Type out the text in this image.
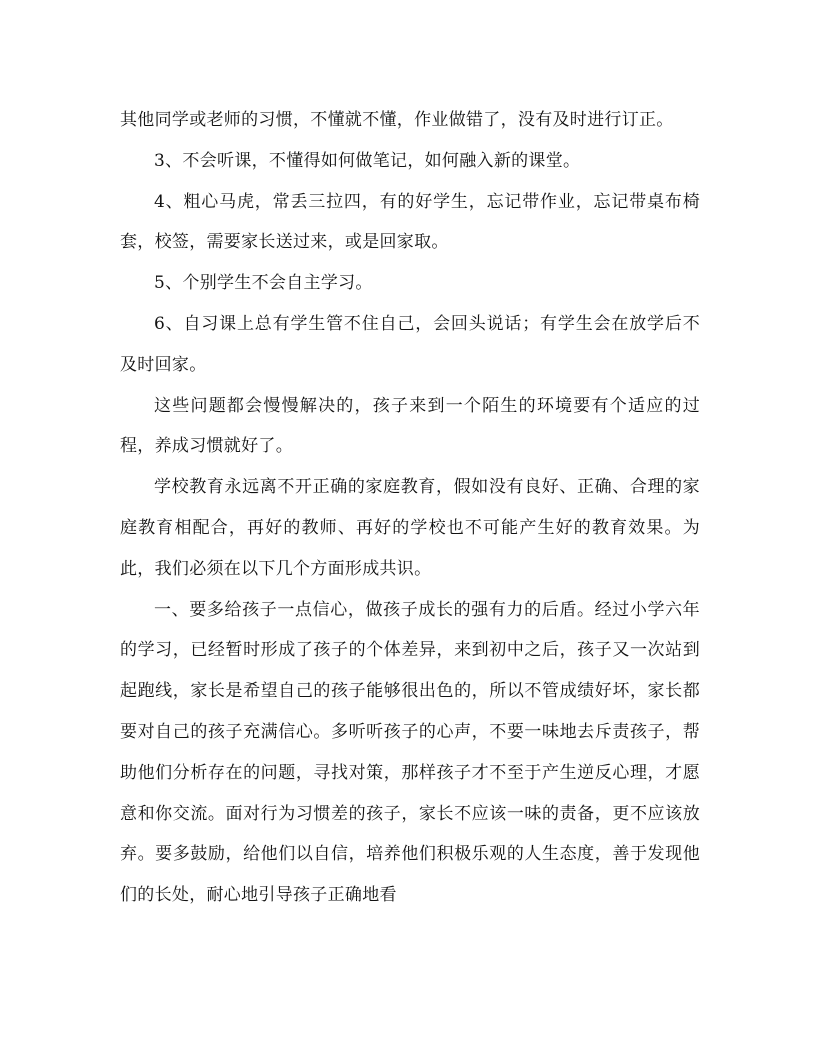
其他同学或老师的习惯，不懂就不懂，作业做错了，没有及时进行订正。

3、不会听课，不懂得如何做笔记，如何融入新的课堂。

4、粗心马虎，常丢三拉四，有的好学生，忘记带作业，忘记带桌布椅套，校签，需要家长送过来，或是回家取。

5、个别学生不会自主学习。

6、自习课上总有学生管不住自己，会回头说话；有学生会在放学后不及时回家。

这些问题都会慢慢解决的，孩子来到一个陌生的环境要有个适应的过程，养成习惯就好了。

学校教育永远离不开正确的家庭教育，假如没有良好、正确、合理的家庭教育相配合，再好的教师、再好的学校也不可能产生好的教育效果。为此，我们必须在以下几个方面形成共识。

一、要多给孩子一点信心，做孩子成长的强有力的后盾。经过小学六年的学习，已经暂时形成了孩子的个体差异，来到初中之后，孩子又一次站到起跑线，家长是希望自己的孩子能够很出色的，所以不管成绩好坏，家长都要对自己的孩子充满信心。多听听孩子的心声，不要一味地去斥责孩子，帮助他们分析存在的问题，寻找对策，那样孩子才不至于产生逆反心理，才愿意和你交流。面对行为习惯差的孩子，家长不应该一味的责备，更不应该放弃。要多鼓励，给他们以自信，培养他们积极乐观的人生态度，善于发现他们的长处，耐心地引导孩子正确地看
